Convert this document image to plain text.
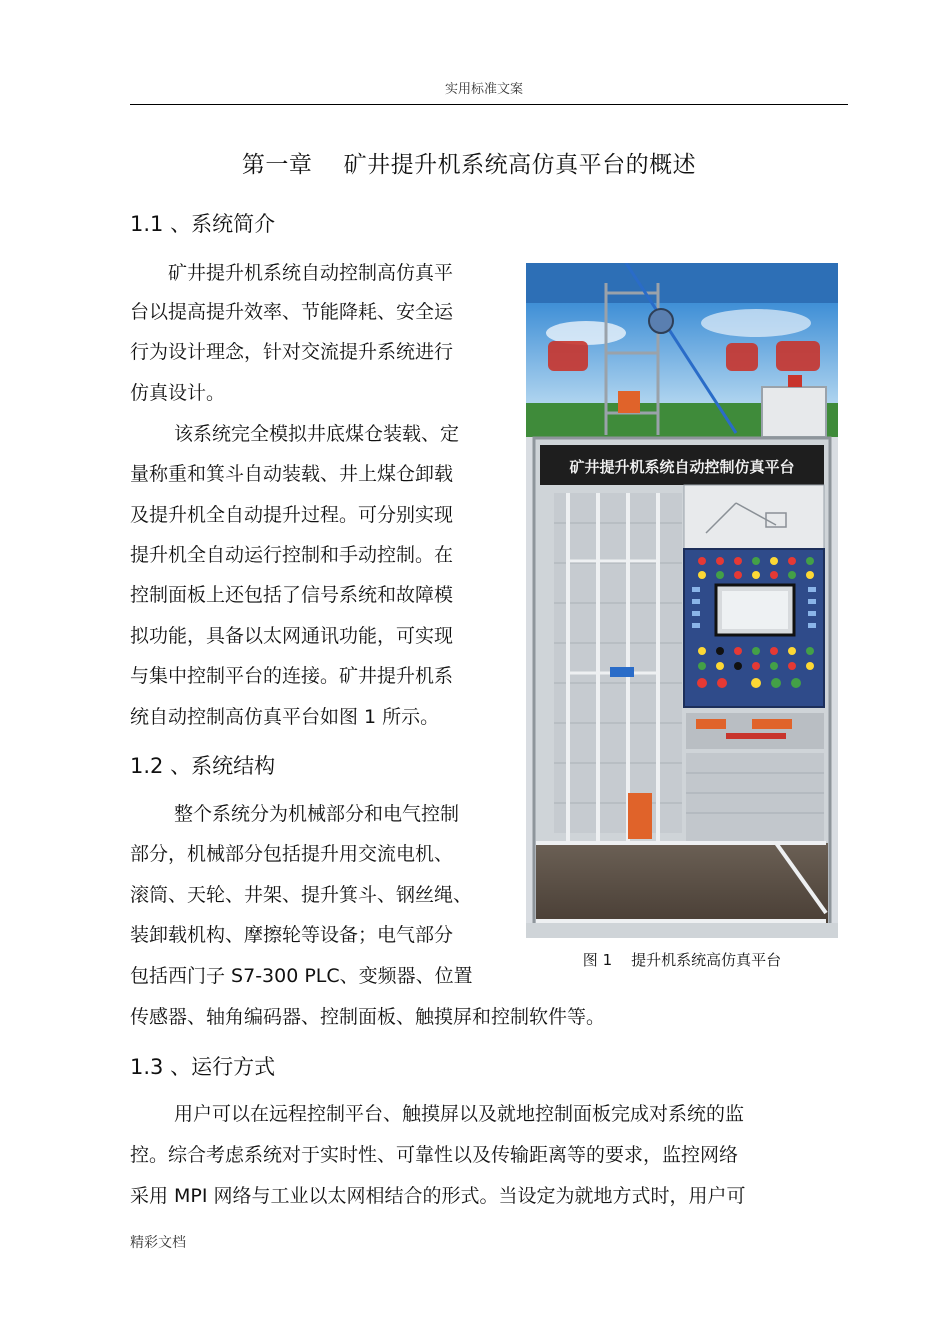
实用标准文案
第一章    矿井提升机系统高仿真平台的概述
1.1 、系统简介
矿井提升机系统自动控制高仿真平
台以提高提升效率、节能降耗、安全运
行为设计理念，针对交流提升系统进行
仿真设计。
该系统完全模拟井底煤仓装载、定
量称重和箕斗自动装载、井上煤仓卸载
及提升机全自动提升过程。可分别实现
提升机全自动运行控制和手动控制。在
控制面板上还包括了信号系统和故障模
拟功能，具备以太网通讯功能，可实现
与集中控制平台的连接。矿井提升机系
统自动控制高仿真平台如图 1 所示。
1.2 、系统结构
整个系统分为机械部分和电气控制
部分，机械部分包括提升用交流电机、
滚筒、天轮、井架、提升箕斗、钢丝绳、
装卸载机构、摩擦轮等设备；电气部分
包括西门子 S7-300 PLC、变频器、位置
传感器、轴角编码器、控制面板、触摸屏和控制软件等。
1.3 、运行方式
用户可以在远程控制平台、触摸屏以及就地控制面板完成对系统的监
控。综合考虑系统对于实时性、可靠性以及传输距离等的要求，监控网络
采用 MPI 网络与工业以太网相结合的形式。当设定为就地方式时，用户可
矿井提升机系统自动控制仿真平台
图 1    提升机系统高仿真平台
精彩文档
